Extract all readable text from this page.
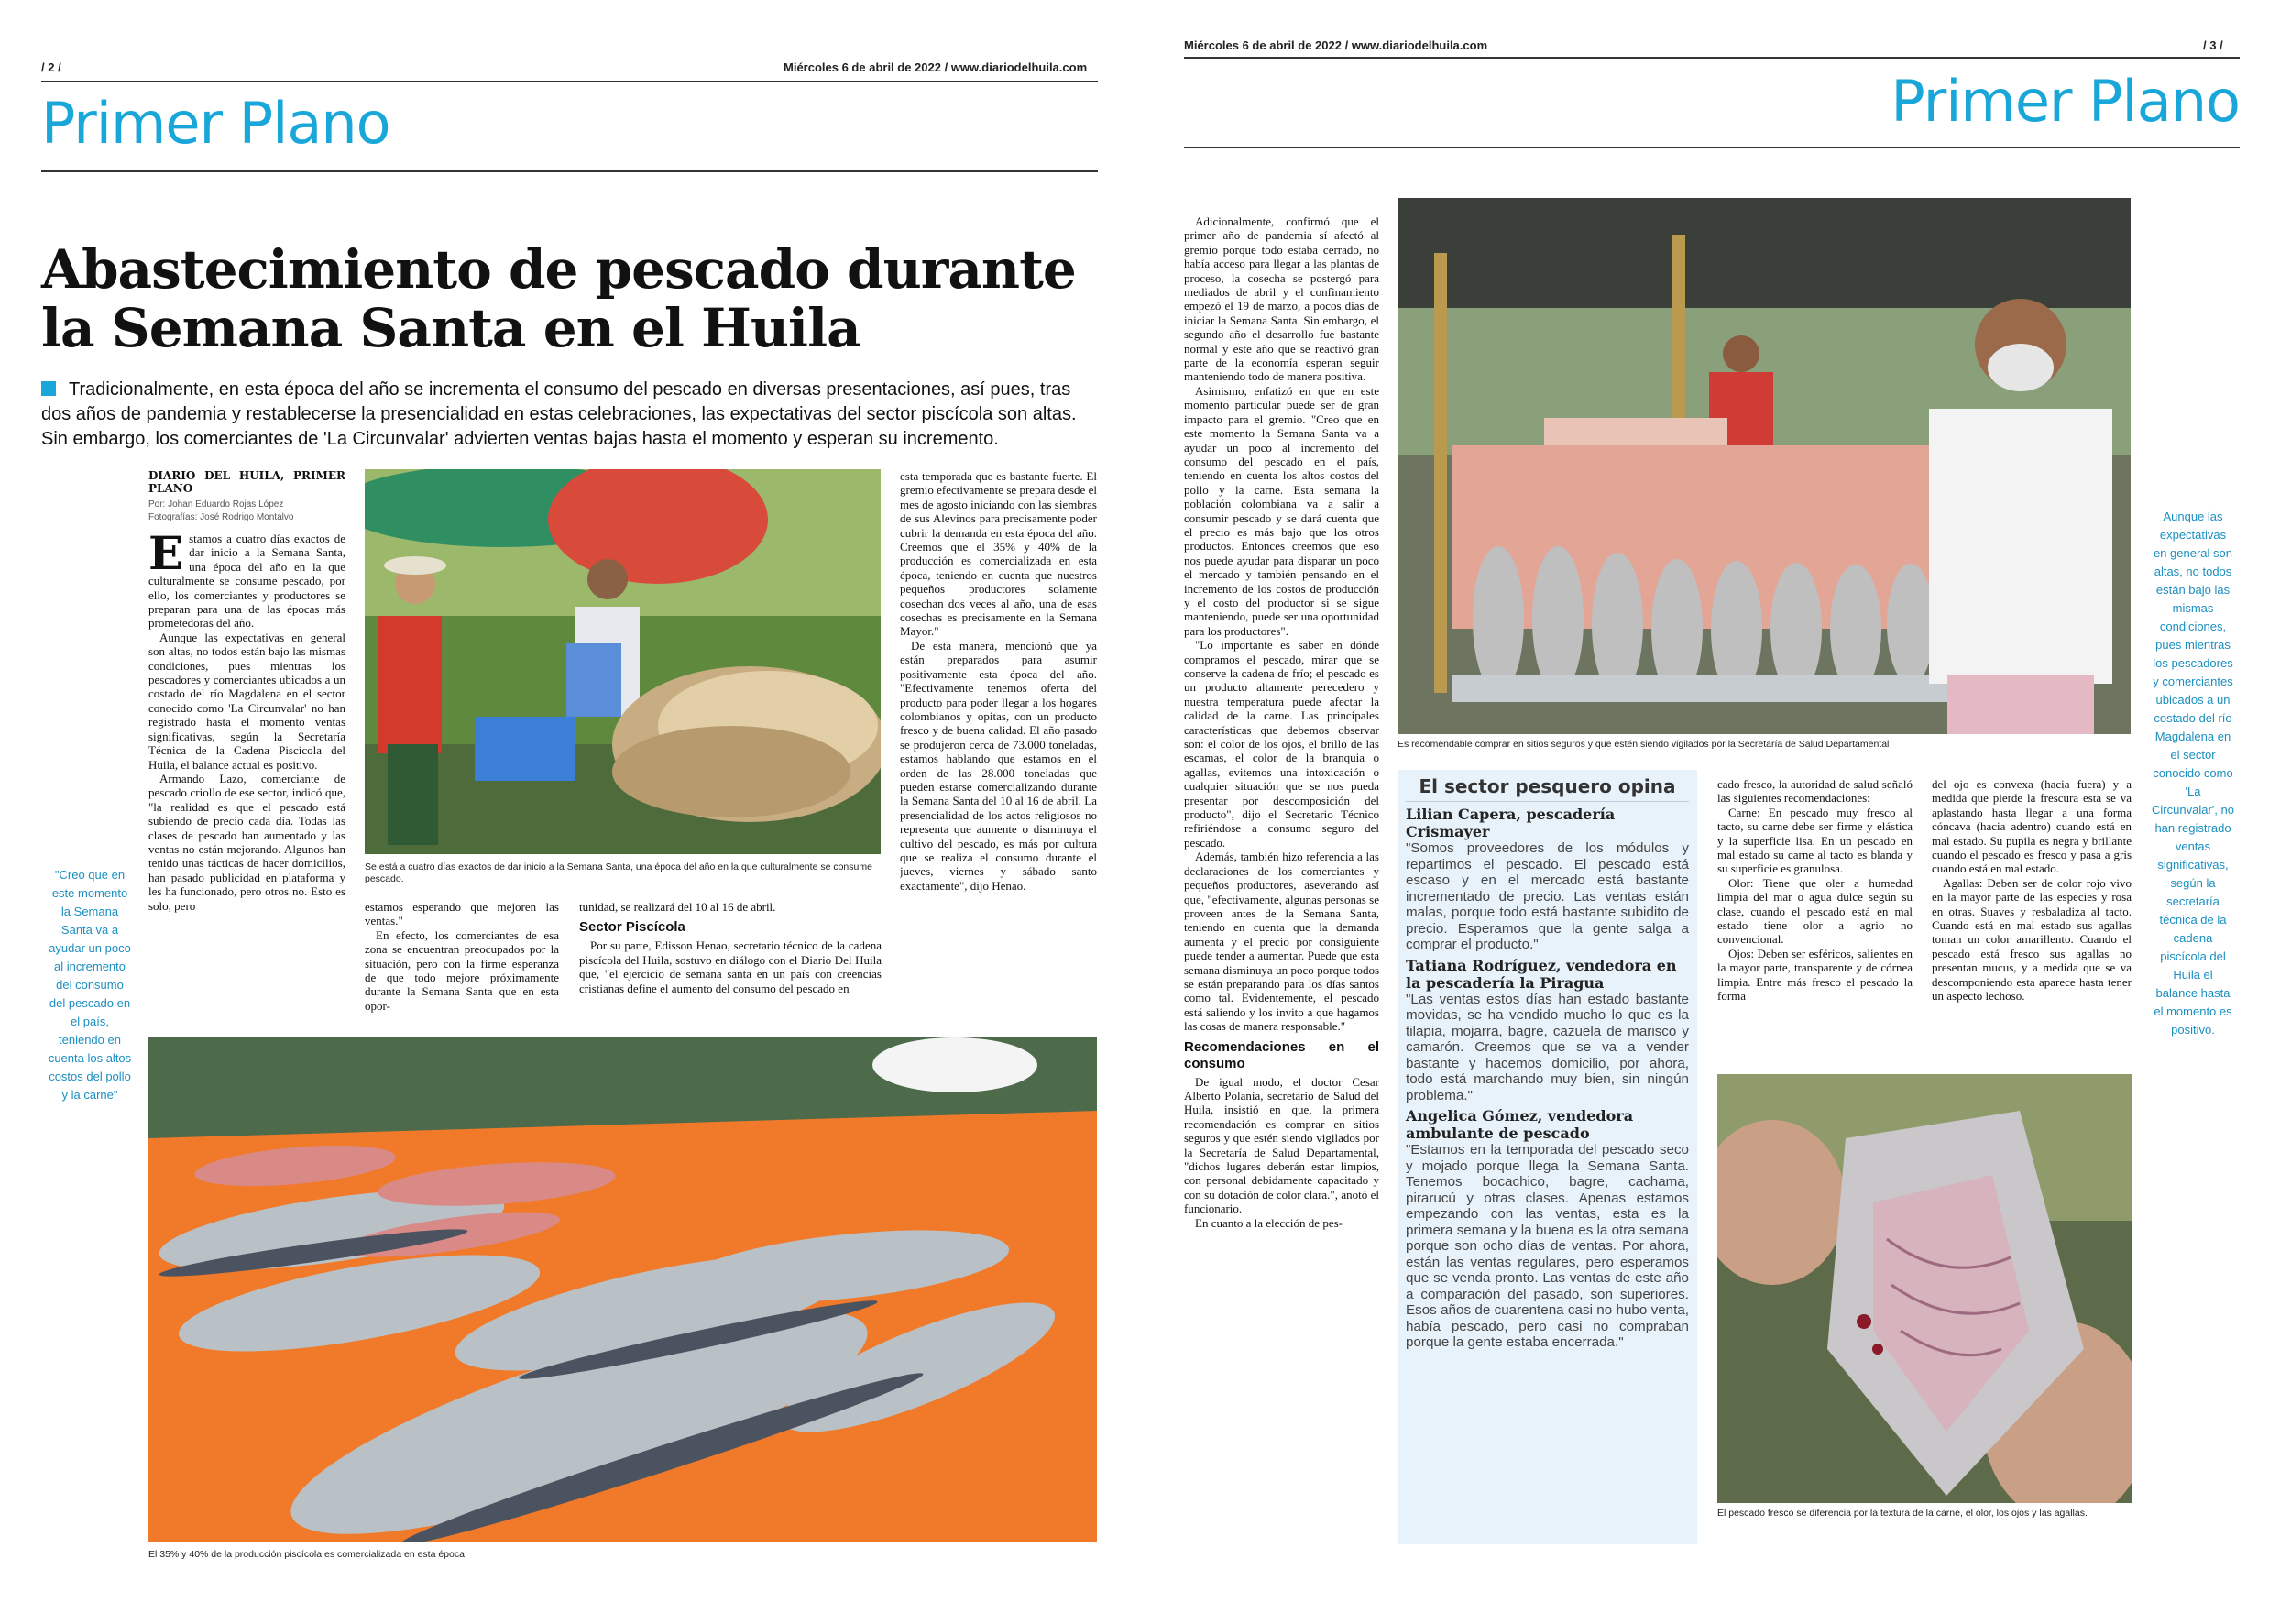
/ 2 /	Miércoles 6 de abril de 2022 / www.diariodelhuila.com
Primer Plano
Abastecimiento de pescado durante
la Semana Santa en el Huila
Tradicionalmente, en esta época del año se incrementa el consumo del pescado en diversas presentaciones, así pues, tras dos años de pandemia y restablecerse la presencialidad en estas celebraciones, las expectativas del sector piscícola son altas. Sin embargo, los comerciantes de 'La Circunvalar' advierten ventas bajas hasta el momento y esperan su incremento.
DIARIO DEL HUILA, PRIMER PLANO
Por: Johan Eduardo Rojas López
Fotografías: José Rodrigo Montalvo
E stamos a cuatro días exactos de dar inicio a la Semana Santa, una época del año en la que culturalmente se consume pescado, por ello, los comerciantes y productores se preparan para una de las épocas más prometedoras del año.

Aunque las expectativas en general son altas, no todos están bajo las mismas condiciones, pues mientras los pescadores y comerciantes ubicados a un costado del río Magdalena en el sector conocido como 'La Circunvalar' no han registrado hasta el momento ventas significativas, según la Secretaría Técnica de la Cadena Piscícola del Huila, el balance actual es positivo.

Armando Lazo, comerciante de pescado criollo de ese sector, indicó que, "la realidad es que el pescado está subiendo de precio cada día. Todas las clases de pescado han aumentado y las ventas no están mejorando. Algunos han tenido unas tácticas de hacer domicilios, han pasado publicidad en plataforma y les ha funcionado, pero otros no. Esto es solo, pero

"Creo que en este momento la Semana Santa va a ayudar un poco al incremento del consumo del pescado en el país, teniendo en cuenta los altos costos del pollo y la carne"
Se está a cuatro días exactos de dar inicio a la Semana Santa, una época del año en la que culturalmente se consume pescado.
estamos esperando que mejoren las ventas."

En efecto, los comerciantes de esa zona se encuentran preocupados por la situación, pero con la firme esperanza de que todo mejore próximamente durante la Semana Santa que en esta opor-

tunidad, se realizará del 10 al 16 de abril.
Sector Piscícola

Por su parte, Edisson Henao, secretario técnico de la cadena piscícola del Huila, sostuvo en diálogo con el Diario Del Huila que, "el ejercicio de semana santa en un país con creencias cristianas define el aumento del consumo del pescado en

esta temporada que es bastante fuerte. El gremio efectivamente se prepara desde el mes de agosto iniciando con las siembras de sus Alevinos para precisamente poder cubrir la demanda en esta época del año. Creemos que el 35% y 40% de la producción es comercializada en esta época, teniendo en cuenta que nuestros pequeños productores solamente cosechan dos veces al año, una de esas cosechas es precisamente en la Semana Mayor."

De esta manera, mencionó que ya están preparados para asumir positivamente esta época del año. "Efectivamente tenemos oferta del producto para poder llegar a los hogares colombianos y opitas, con un producto fresco y de buena calidad. El año pasado se produjeron cerca de 73.000 toneladas, estamos hablando que estamos en el orden de las 28.000 toneladas que pueden estarse comercializando durante la Semana Santa del 10 al 16 de abril. La presencialidad de los actos religiosos no representa que aumente o disminuya el cultivo del pescado, es más por cultura que se realiza el consumo durante el jueves, viernes y sábado santo exactamente", dijo Henao.

El 35% y 40% de la producción piscícola es comercializada en esta época.
Miércoles 6 de abril de 2022 / www.diariodelhuila.com	/ 3 /
Primer Plano

Adicionalmente, confirmó que el primer año de pandemia sí afectó al gremio porque todo estaba cerrado, no había acceso para llegar a las plantas de proceso, la cosecha se postergó para mediados de abril y el confinamiento empezó el 19 de marzo, a pocos días de iniciar la Semana Santa. Sin embargo, el segundo año el desarrollo fue bastante normal y este año que se reactivó gran parte de la economía esperan seguir manteniendo todo de manera positiva.

Asimismo, enfatizó en que en este momento particular puede ser de gran impacto para el gremio. "Creo que en este momento la Semana Santa va a ayudar un poco al incremento del consumo del pescado en el país, teniendo en cuenta los altos costos del pollo y la carne. Esta semana la población colombiana va a salir a consumir pescado y se dará cuenta que el precio es más bajo que los otros productos. Entonces creemos que eso nos puede ayudar para disparar un poco el mercado y también pensando en el incremento de los costos de producción y el costo del productor si se sigue manteniendo, puede ser una oportunidad para los productores".

"Lo importante es saber en dónde compramos el pescado, mirar que se conserve la cadena de frío; el pescado es un producto altamente perecedero y nuestra temperatura puede afectar la calidad de la carne. Las principales características que debemos observar son: el color de los ojos, el brillo de las escamas, el color de la branquia o agallas, evitemos una intoxicación o cualquier situación que se nos pueda presentar por descomposición del producto", dijo el Secretario Técnico refiriéndose a consumo seguro del pescado.

Además, también hizo referencia a las declaraciones de los comerciantes y pequeños productores, aseverando así que, "efectivamente, algunas personas se proveen antes de la Semana Santa, teniendo en cuenta que la demanda aumenta y el precio por consiguiente puede tender a aumentar. Puede que esta semana disminuya un poco porque todos se están preparando para los días santos como tal. Evidentemente, el pescado está saliendo y los invito a que hagamos las cosas de manera responsable."

Recomendaciones en el consumo

De igual modo, el doctor Cesar Alberto Polanía, secretario de Salud del Huila, insistió en que, la primera recomendación es comprar en sitios seguros y que estén siendo vigilados por la Secretaría de Salud Departamental, "dichos lugares deberán estar limpios, con personal debidamente capacitado y con su dotación de color clara.", anotó el funcionario.

En cuanto a la elección de pes-

Es recomendable comprar en sitios seguros y que estén siendo vigilados por la Secretaría de Salud Departamental
El sector pesquero opina
Lilian Capera, pescadería Crismayer
"Somos proveedores de los módulos y repartimos el pescado. El pescado está escaso y en el mercado está bastante incrementado de precio. Las ventas están malas, porque todo está bastante subidito de precio. Esperamos que la gente salga a comprar el producto."
Tatiana Rodríguez, vendedora en la pescadería la Piragua
"Las ventas estos días han estado bastante movidas, se ha vendido mucho lo que es la tilapia, mojarra, bagre, cazuela de marisco y camarón. Creemos que se va a vender bastante y hacemos domicilio, por ahora, todo está marchando muy bien, sin ningún problema."
Angelica Gómez, vendedora ambulante de pescado
"Estamos en la temporada del pescado seco y mojado porque llega la Semana Santa. Tenemos bocachico, bagre, cachama, pirarucú y otras clases. Apenas estamos empezando con las ventas, esta es la primera semana y la buena es la otra semana porque son ocho días de ventas. Por ahora, están las ventas regulares, pero esperamos que se venda pronto. Las ventas de este año a comparación del pasado, son superiores. Esos años de cuarentena casi no hubo venta, había pescado, pero casi no compraban porque la gente estaba encerrada."
cado fresco, la autoridad de salud señaló las siguientes recomendaciones:

Carne: En pescado muy fresco al tacto, su carne debe ser firme y elástica y la superficie lisa. En un pescado en mal estado su carne al tacto es blanda y su superficie es granulosa.

Olor: Tiene que oler a humedad limpia del mar o agua dulce según su clase, cuando el pescado está en mal estado tiene olor a agrio no convencional.

Ojos: Deben ser esféricos, salientes en la mayor parte, transparente y de córnea limpia. Entre más fresco el pescado la forma

del ojo es convexa (hacia fuera) y a medida que pierde la frescura esta se va aplastando hasta llegar a una forma cóncava (hacia adentro) cuando está en mal estado. Su pupila es negra y brillante cuando el pescado es fresco y pasa a gris cuando está en mal estado.

Agallas: Deben ser de color rojo vivo en la mayor parte de las especies y rosa en otras. Suaves y resbaladiza al tacto. Cuando está en mal estado sus agallas toman un color amarillento. Cuando el pescado está fresco sus agallas no presentan mucus, y a medida que se va descomponiendo esta aparece hasta tener un aspecto lechoso.

El pescado fresco se diferencia por la textura de la carne, el olor, los ojos y las agallas.
Aunque las expectativas en general son altas, no todos están bajo las mismas condiciones, pues mientras los pescadores y comerciantes ubicados a un costado del río Magdalena en el sector conocido como 'La Circunvalar', no han registrado ventas significativas, según la secretaría técnica de la cadena piscícola del Huila el balance hasta el momento es positivo.
